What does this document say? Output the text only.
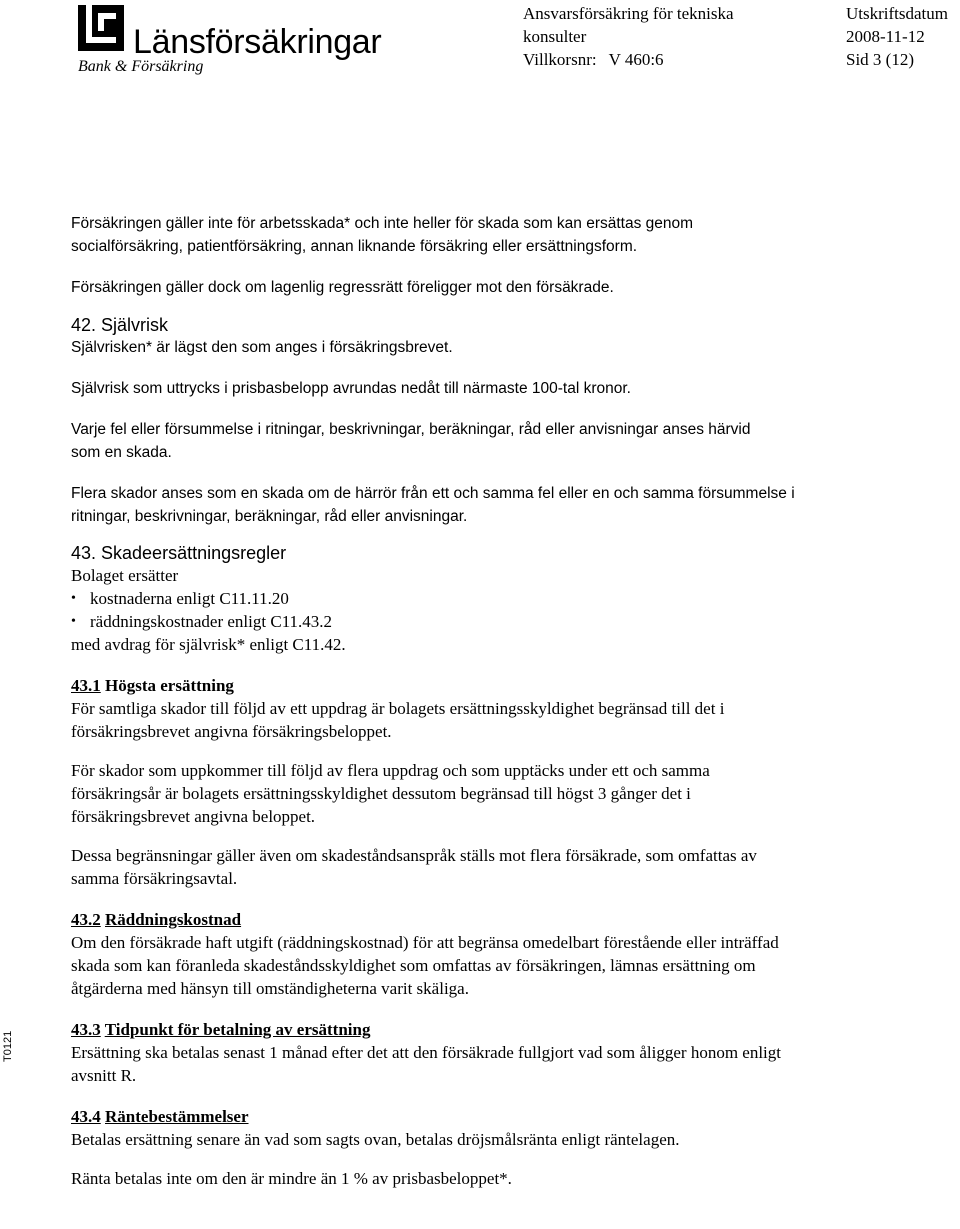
Länsförsäkringar
Bank & Försäkring
Ansvarsförsäkring för tekniska
konsulter
Villkorsnr: V 460:6
Utskriftsdatum
2008-11-12
Sid 3 (12)
Försäkringen gäller inte för arbetsskada* och inte heller för skada som kan ersättas genom
socialförsäkring, patientförsäkring, annan liknande försäkring eller ersättningsform.
Försäkringen gäller dock om lagenlig regressrätt föreligger mot den försäkrade.
42. Självrisk
Självrisken* är lägst den som anges i försäkringsbrevet.
Självrisk som uttrycks i prisbasbelopp avrundas nedåt till närmaste 100-tal kronor.
Varje fel eller försummelse i ritningar, beskrivningar, beräkningar, råd eller anvisningar anses härvid
som en skada.
Flera skador anses som en skada om de härrör från ett och samma fel eller en och samma försummelse i
ritningar, beskrivningar, beräkningar, råd eller anvisningar.
43. Skadeersättningsregler
Bolaget ersätter
• kostnaderna enligt C11.11.20
• räddningskostnader enligt C11.43.2
med avdrag för självrisk* enligt C11.42.
43.1 Högsta ersättning
För samtliga skador till följd av ett uppdrag är bolagets ersättningsskyldighet begränsad till det i
försäkringsbrevet angivna försäkringsbeloppet.
För skador som uppkommer till följd av flera uppdrag och som upptäcks under ett och samma
försäkringsår är bolagets ersättningsskyldighet dessutom begränsad till högst 3 gånger det i
försäkringsbrevet angivna beloppet.
Dessa begränsningar gäller även om skadeståndsanspråk ställs mot flera försäkrade, som omfattas av
samma försäkringsavtal.
43.2 Räddningskostnad
Om den försäkrade haft utgift (räddningskostnad) för att begränsa omedelbart förestående eller inträffad
skada som kan föranleda skadeståndsskyldighet som omfattas av försäkringen, lämnas ersättning om
åtgärderna med hänsyn till omständigheterna varit skäliga.
43.3 Tidpunkt för betalning av ersättning
Ersättning ska betalas senast 1 månad efter det att den försäkrade fullgjort vad som åligger honom enligt
avsnitt R.
43.4 Räntebestämmelser
Betalas ersättning senare än vad som sagts ovan, betalas dröjsmålsränta enligt räntelagen.
Ränta betalas inte om den är mindre än 1 % av prisbasbeloppet*.
T0121
